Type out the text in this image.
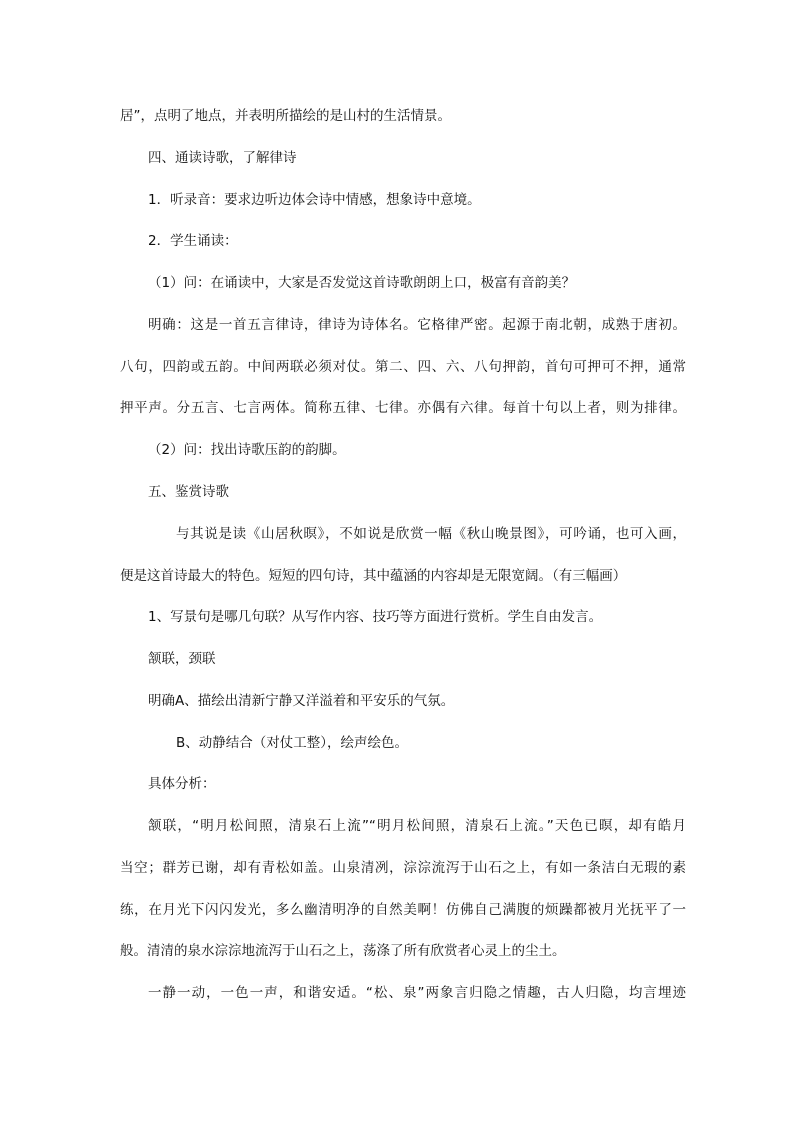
居”，点明了地点，并表明所描绘的是山村的生活情景。
四、通读诗歌，了解律诗
1．听录音：要求边听边体会诗中情感，想象诗中意境。
2．学生诵读：
（1）问：在诵读中，大家是否发觉这首诗歌朗朗上口，极富有音韵美？
明确：这是一首五言律诗，律诗为诗体名。它格律严密。起源于南北朝，成熟于唐初。
八句，四韵或五韵。中间两联必须对仗。第二、四、六、八句押韵，首句可押可不押，通常
押平声。分五言、七言两体。简称五律、七律。亦偶有六律。每首十句以上者，则为排律。
（2）问：找出诗歌压韵的韵脚。
五、鉴赏诗歌
与其说是读《山居秋暝》，不如说是欣赏一幅《秋山晚景图》，可吟诵，也可入画，
便是这首诗最大的特色。短短的四句诗，其中蕴涵的内容却是无限宽阔。（有三幅画）
1、写景句是哪几句联？从写作内容、技巧等方面进行赏析。学生自由发言。
颔联，颈联
明确A、描绘出清新宁静又洋溢着和平安乐的气氛。
B、动静结合（对仗工整），绘声绘色。
具体分析：
颔联，“明月松间照，清泉石上流”“明月松间照，清泉石上流。”天色已暝，却有皓月
当空；群芳已谢，却有青松如盖。山泉清冽，淙淙流泻于山石之上，有如一条洁白无瑕的素
练，在月光下闪闪发光，多么幽清明净的自然美啊！仿佛自己满腹的烦躁都被月光抚平了一
般。清清的泉水淙淙地流泻于山石之上，荡涤了所有欣赏者心灵上的尘土。
一静一动，一色一声，和谐安适。“松、泉”两象言归隐之情趣，古人归隐，均言埋迹
